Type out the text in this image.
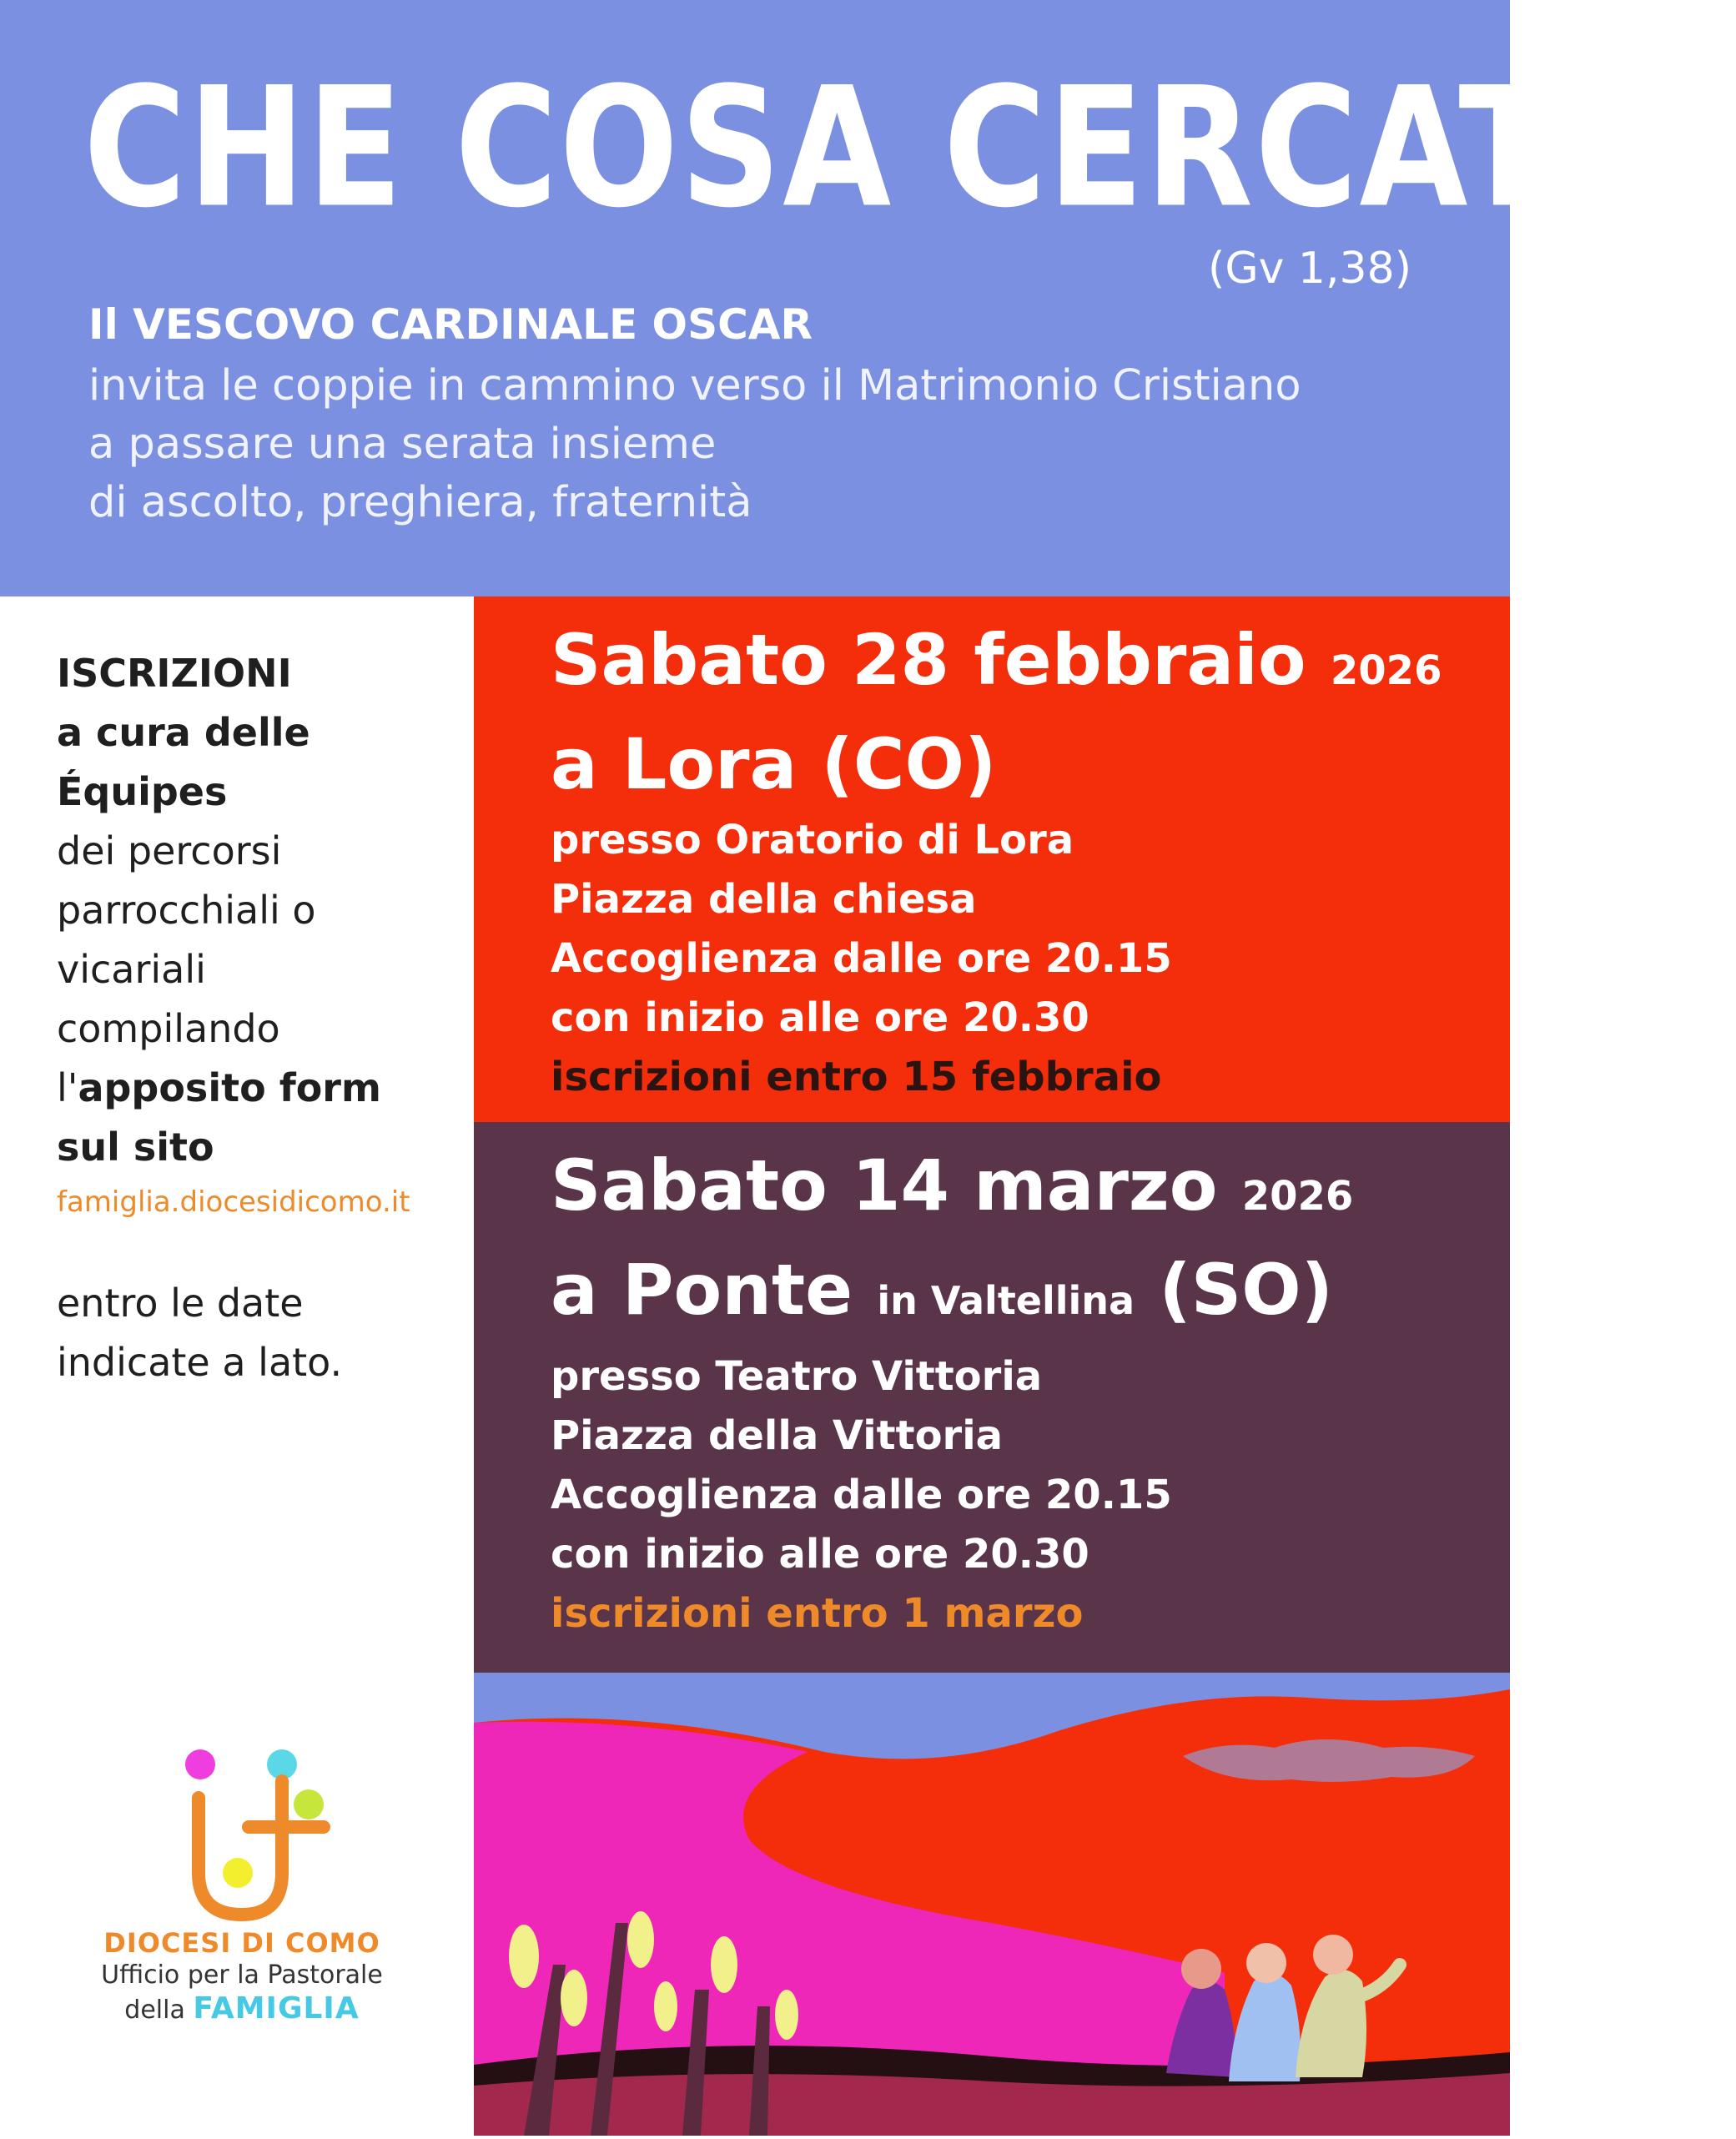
CHE COSA CERCATE?
(Gv 1,38)
Il VESCOVO CARDINALE OSCAR
invita le coppie in cammino verso il Matrimonio Cristiano
a passare una serata insieme
di ascolto, preghiera, fraternità
ISCRIZIONI
a cura delle
Équipes
dei percorsi
parrocchiali o
vicariali
compilando
l'apposito form
sul sito
famiglia.diocesidicomo.it
entro le date
indicate a lato.
DIOCESI DI COMO
Ufficio per la Pastorale
della FAMIGLIA
Sabato 28 febbraio 2026
a Lora (CO)
presso Oratorio di Lora
Piazza della chiesa
Accoglienza dalle ore 20.15
con inizio alle ore 20.30
iscrizioni entro 15 febbraio
Sabato 14 marzo 2026
a Ponte in Valtellina (SO)
presso Teatro Vittoria
Piazza della Vittoria
Accoglienza dalle ore 20.15
con inizio alle ore 20.30
iscrizioni entro 1 marzo
